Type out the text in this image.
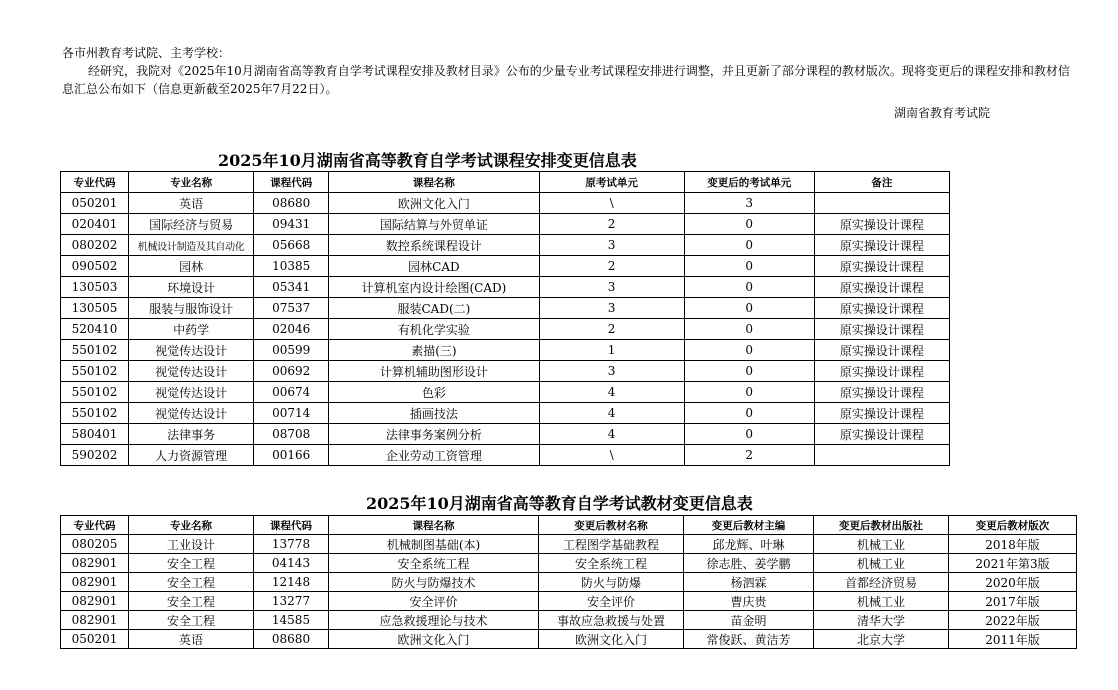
各市州教育考试院、主考学校：

经研究，我院对《2025年10月湖南省高等教育自学考试课程安排及教材目录》公布的少量专业考试课程安排进行调整，并且更新了部分课程的教材版次。现将变更后的课程安排和教材信息汇总公布如下（信息更新截至2025年7月22日）。

湖南省教育考试院
2025年10月湖南省高等教育自学考试课程安排变更信息表
专业代码	专业名称	课程代码	课程名称	原考试单元	变更后的考试单元	备注
050201	英语	08680	欧洲文化入门	\	3	
020401	国际经济与贸易	09431	国际结算与外贸单证	2	0	原实操设计课程
080202	机械设计制造及其自动化	05668	数控系统课程设计	3	0	原实操设计课程
090502	园林	10385	园林CAD	2	0	原实操设计课程
130503	环境设计	05341	计算机室内设计绘图(CAD)	3	0	原实操设计课程
130505	服装与服饰设计	07537	服装CAD(二)	3	0	原实操设计课程
520410	中药学	02046	有机化学实验	2	0	原实操设计课程
550102	视觉传达设计	00599	素描(三)	1	0	原实操设计课程
550102	视觉传达设计	00692	计算机辅助图形设计	3	0	原实操设计课程
550102	视觉传达设计	00674	色彩	4	0	原实操设计课程
550102	视觉传达设计	00714	插画技法	4	0	原实操设计课程
580401	法律事务	08708	法律事务案例分析	4	0	原实操设计课程
590202	人力资源管理	00166	企业劳动工资管理	\	2	
2025年10月湖南省高等教育自学考试教材变更信息表
专业代码	专业名称	课程代码	课程名称	变更后教材名称	变更后教材主编	变更后教材出版社	变更后教材版次
080205	工业设计	13778	机械制图基础(本)	工程图学基础教程	邱龙辉、叶琳	机械工业	2018年版
082901	安全工程	04143	安全系统工程	安全系统工程	徐志胜、姜学鹏	机械工业	2021年第3版
082901	安全工程	12148	防火与防爆技术	防火与防爆	杨泗霖	首都经济贸易	2020年版
082901	安全工程	13277	安全评价	安全评价	曹庆贵	机械工业	2017年版
082901	安全工程	14585	应急救援理论与技术	事故应急救援与处置	苗金明	清华大学	2022年版
050201	英语	08680	欧洲文化入门	欧洲文化入门	常俊跃、黄洁芳	北京大学	2011年版
